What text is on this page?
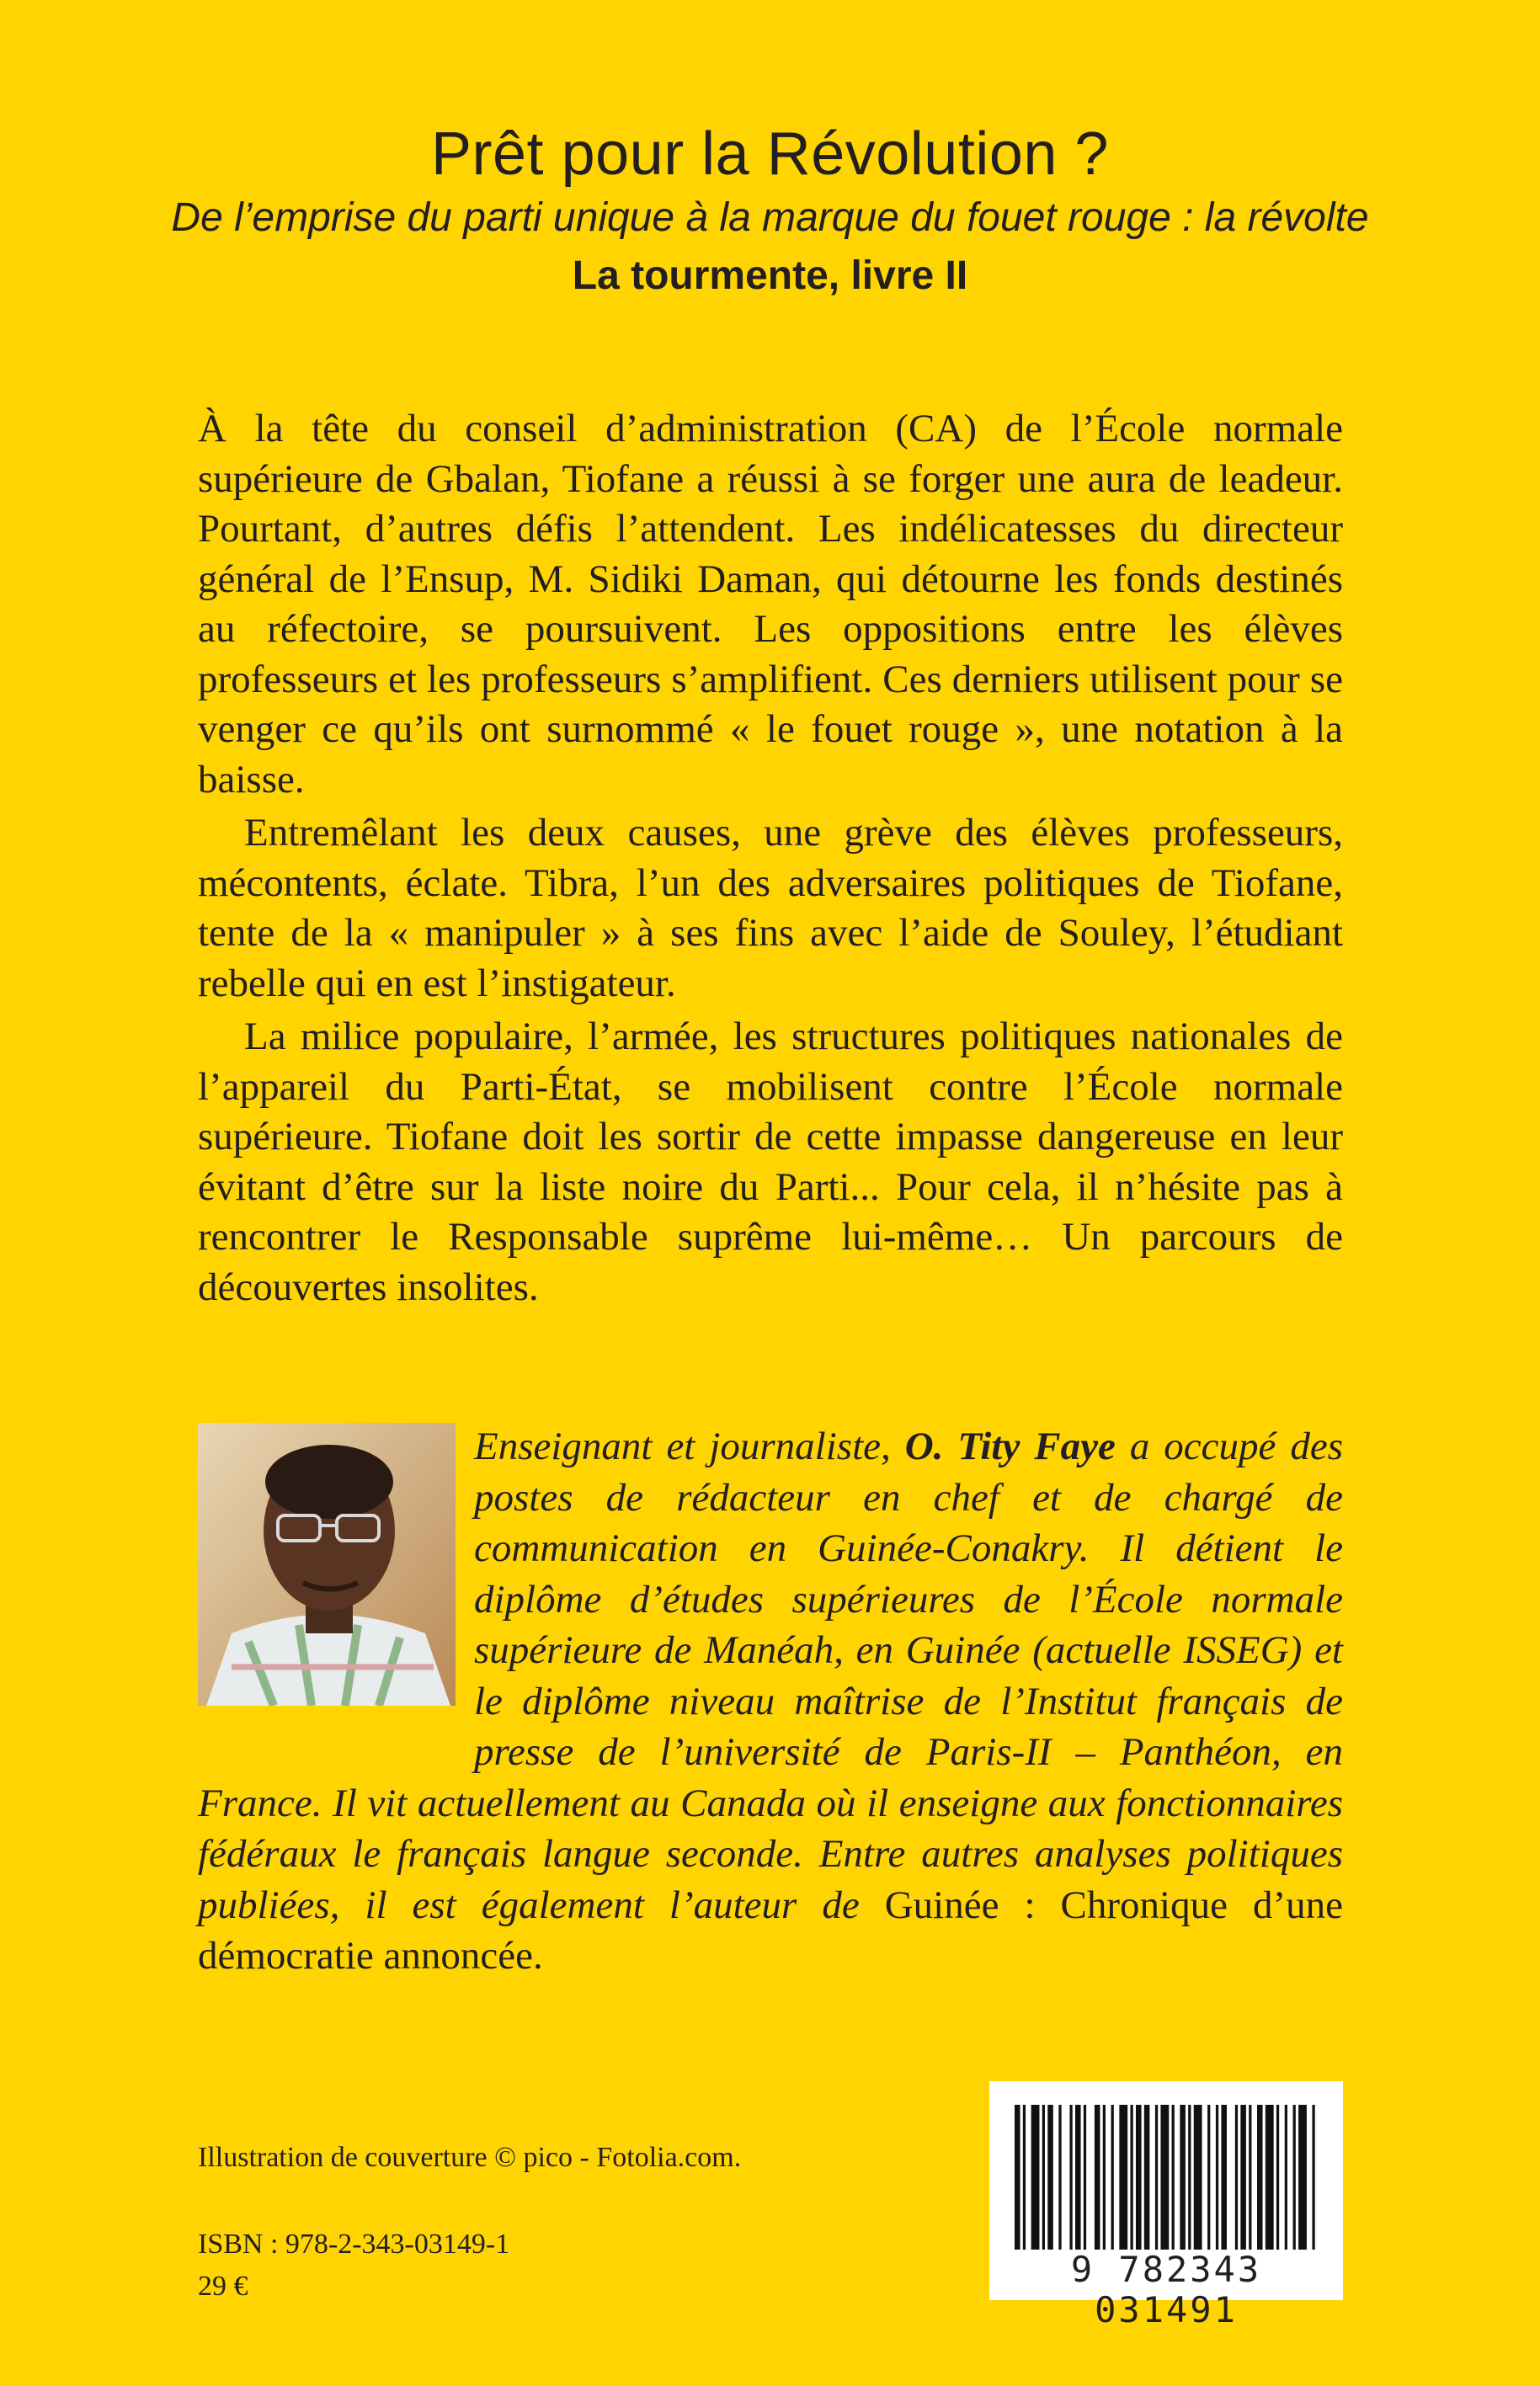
Prêt pour la Révolution ?

De l’emprise du parti unique à la marque du fouet rouge : la révolte

La tourmente, livre II

À la tête du conseil d’administration (CA) de l’École normale supérieure de Gbalan, Tiofane a réussi à se forger une aura de leadeur. Pourtant, d’autres défis l’attendent. Les indélicatesses du directeur général de l’Ensup, M. Sidiki Daman, qui détourne les fonds destinés au réfectoire, se poursuivent. Les oppositions entre les élèves professeurs et les professeurs s’amplifient. Ces derniers utilisent pour se venger ce qu’ils ont surnommé « le fouet rouge », une notation à la baisse.

Entremêlant les deux causes, une grève des élèves professeurs, mécontents, éclate. Tibra, l’un des adversaires politiques de Tiofane, tente de la « manipuler » à ses fins avec l’aide de Souley, l’étudiant rebelle qui en est l’instigateur.

La milice populaire, l’armée, les structures politiques nationales de l’appareil du Parti-État, se mobilisent contre l’École normale supérieure. Tiofane doit les sortir de cette impasse dangereuse en leur évitant d’être sur la liste noire du Parti... Pour cela, il n’hésite pas à rencontrer le Responsable suprême lui-même… Un parcours de découvertes insolites.

Enseignant et journaliste, O. Tity Faye a occupé des postes de rédacteur en chef et de chargé de communication en Guinée-Conakry. Il détient le diplôme d’études supérieures de l’École normale supérieure de Manéah, en Guinée (actuelle ISSEG) et le diplôme niveau maîtrise de l’Institut français de presse de l’université de Paris-II – Panthéon, en France. Il vit actuellement au Canada où il enseigne aux fonctionnaires fédéraux le français langue seconde. Entre autres analyses politiques publiées, il est également l’auteur de Guinée : Chronique d’une démocratie annoncée.
Illustration de couverture © pico - Fotolia.com.
ISBN : 978-2-343-03149-1
29 €	9 782343 031491
